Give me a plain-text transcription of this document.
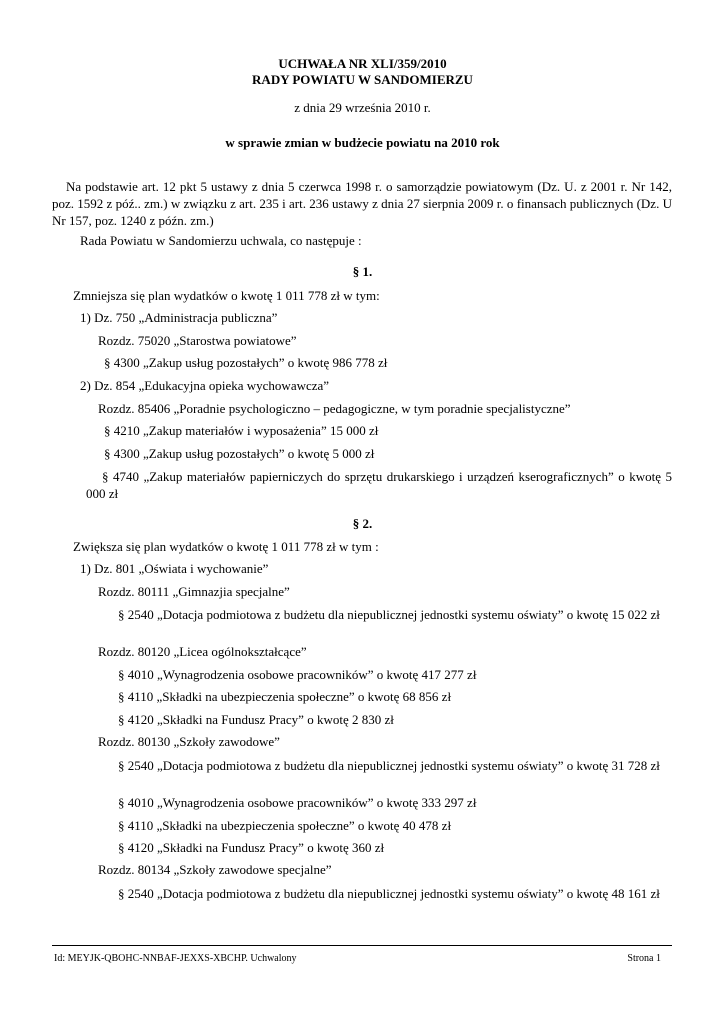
UCHWAŁA NR XLI/359/2010
RADY POWIATU W SANDOMIERZU
z dnia 29 września 2010 r.
w sprawie zmian w budżecie powiatu na 2010 rok
Na podstawie art. 12 pkt 5 ustawy z dnia 5 czerwca 1998 r. o samorządzie powiatowym (Dz. U. z 2001 r. Nr 142, poz. 1592 z póź.. zm.) w związku z art. 235 i art. 236 ustawy z dnia 27 sierpnia 2009 r. o finansach publicznych (Dz. U Nr 157, poz. 1240 z późn. zm.)
Rada Powiatu w Sandomierzu uchwala, co następuje :
§ 1.
Zmniejsza się plan wydatków o kwotę 1 011 778 zł w tym:
1) Dz. 750 „Administracja publiczna”
Rozdz. 75020 „Starostwa powiatowe”
§ 4300 „Zakup usług pozostałych” o kwotę 986 778 zł
2) Dz. 854 „Edukacyjna opieka wychowawcza”
Rozdz. 85406 „Poradnie psychologiczno – pedagogiczne, w tym poradnie specjalistyczne”
§ 4210 „Zakup materiałów i wyposażenia” 15 000 zł
§ 4300 „Zakup usług pozostałych” o kwotę 5 000 zł
§ 4740 „Zakup materiałów papierniczych do sprzętu drukarskiego i urządzeń kserograficznych” o kwotę 5 000 zł
§ 2.
Zwiększa się plan wydatków o kwotę 1 011 778 zł w tym :
1) Dz. 801 „Oświata i wychowanie”
Rozdz. 80111 „Gimnazjia specjalne”
§ 2540 „Dotacja podmiotowa z budżetu dla niepublicznej jednostki systemu oświaty” o kwotę 15 022 zł
Rozdz. 80120 „Licea ogólnokształcące”
§ 4010 „Wynagrodzenia osobowe pracowników” o kwotę 417 277 zł
§ 4110 „Składki na ubezpieczenia społeczne” o kwotę 68 856 zł
§ 4120 „Składki na Fundusz Pracy” o kwotę 2 830 zł
Rozdz. 80130 „Szkoły zawodowe”
§ 2540 „Dotacja podmiotowa z budżetu dla niepublicznej jednostki systemu oświaty” o kwotę 31 728 zł
§ 4010 „Wynagrodzenia osobowe pracowników” o kwotę 333 297 zł
§ 4110 „Składki na ubezpieczenia społeczne” o kwotę 40 478 zł
§ 4120 „Składki na Fundusz Pracy” o kwotę 360 zł
Rozdz. 80134 „Szkoły zawodowe specjalne”
§ 2540 „Dotacja podmiotowa z budżetu dla niepublicznej jednostki systemu oświaty” o kwotę 48 161 zł
Id: MEYJK-QBOHC-NNBAF-JEXXS-XBCHP. Uchwalony	Strona 1
